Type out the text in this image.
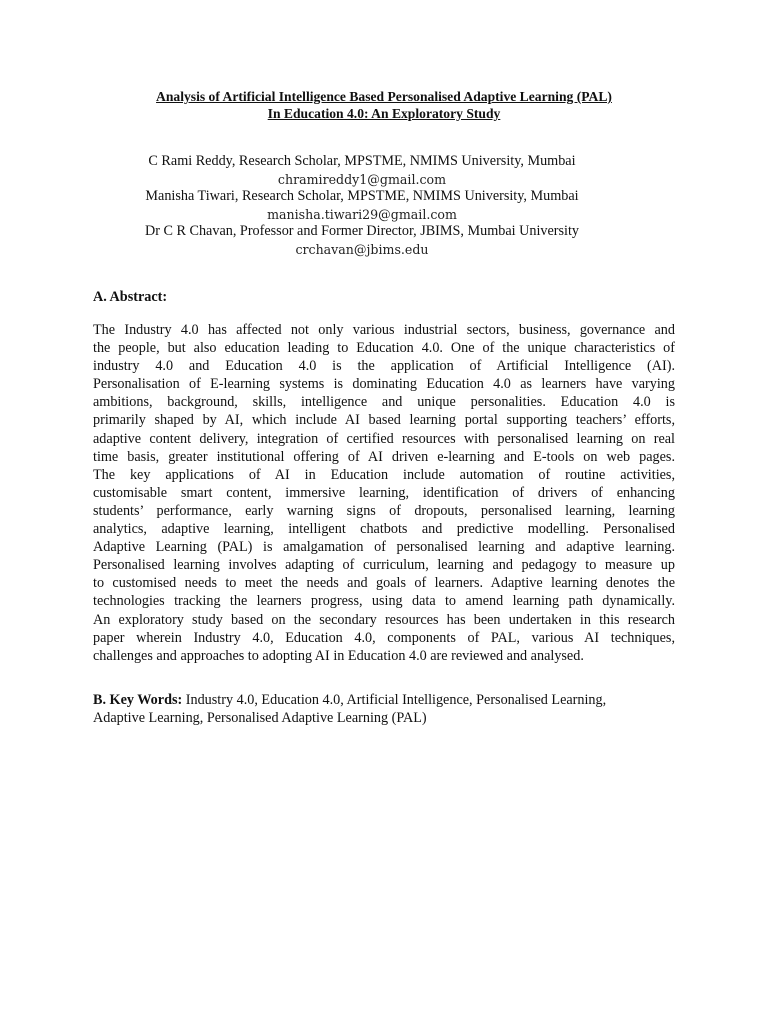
Analysis of Artificial Intelligence Based Personalised Adaptive Learning (PAL)
In Education 4.0: An Exploratory Study
C Rami Reddy, Research Scholar, MPSTME, NMIMS University, Mumbai
chramireddy1@gmail.com
Manisha Tiwari, Research Scholar, MPSTME, NMIMS University, Mumbai
manisha.tiwari29@gmail.com
Dr C R Chavan, Professor and Former Director, JBIMS, Mumbai University
crchavan@jbims.edu
A. Abstract:
The Industry 4.0 has affected not only various industrial sectors, business, governance and
the people, but also education leading to Education 4.0. One of the unique characteristics of
industry 4.0 and Education 4.0 is the application of Artificial Intelligence (AI).
Personalisation of E-learning systems is dominating Education 4.0 as learners have varying
ambitions, background, skills, intelligence and unique personalities. Education 4.0 is
primarily shaped by AI, which include AI based learning portal supporting teachers’ efforts,
adaptive content delivery, integration of certified resources with personalised learning on real
time basis, greater institutional offering of AI driven e-learning and E-tools on web pages.
The key applications of AI in Education include automation of routine activities,
customisable smart content, immersive learning, identification of drivers of enhancing
students’ performance, early warning signs of dropouts, personalised learning, learning
analytics, adaptive learning, intelligent chatbots and predictive modelling. Personalised
Adaptive Learning (PAL) is amalgamation of personalised learning and adaptive learning.
Personalised learning involves adapting of curriculum, learning and pedagogy to measure up
to customised needs to meet the needs and goals of learners. Adaptive learning denotes the
technologies tracking the learners progress, using data to amend learning path dynamically.
An exploratory study based on the secondary resources has been undertaken in this research
paper wherein Industry 4.0, Education 4.0, components of PAL, various AI techniques,
challenges and approaches to adopting AI in Education 4.0 are reviewed and analysed.
B. Key Words: Industry 4.0, Education 4.0, Artificial Intelligence, Personalised Learning,
Adaptive Learning, Personalised Adaptive Learning (PAL)
